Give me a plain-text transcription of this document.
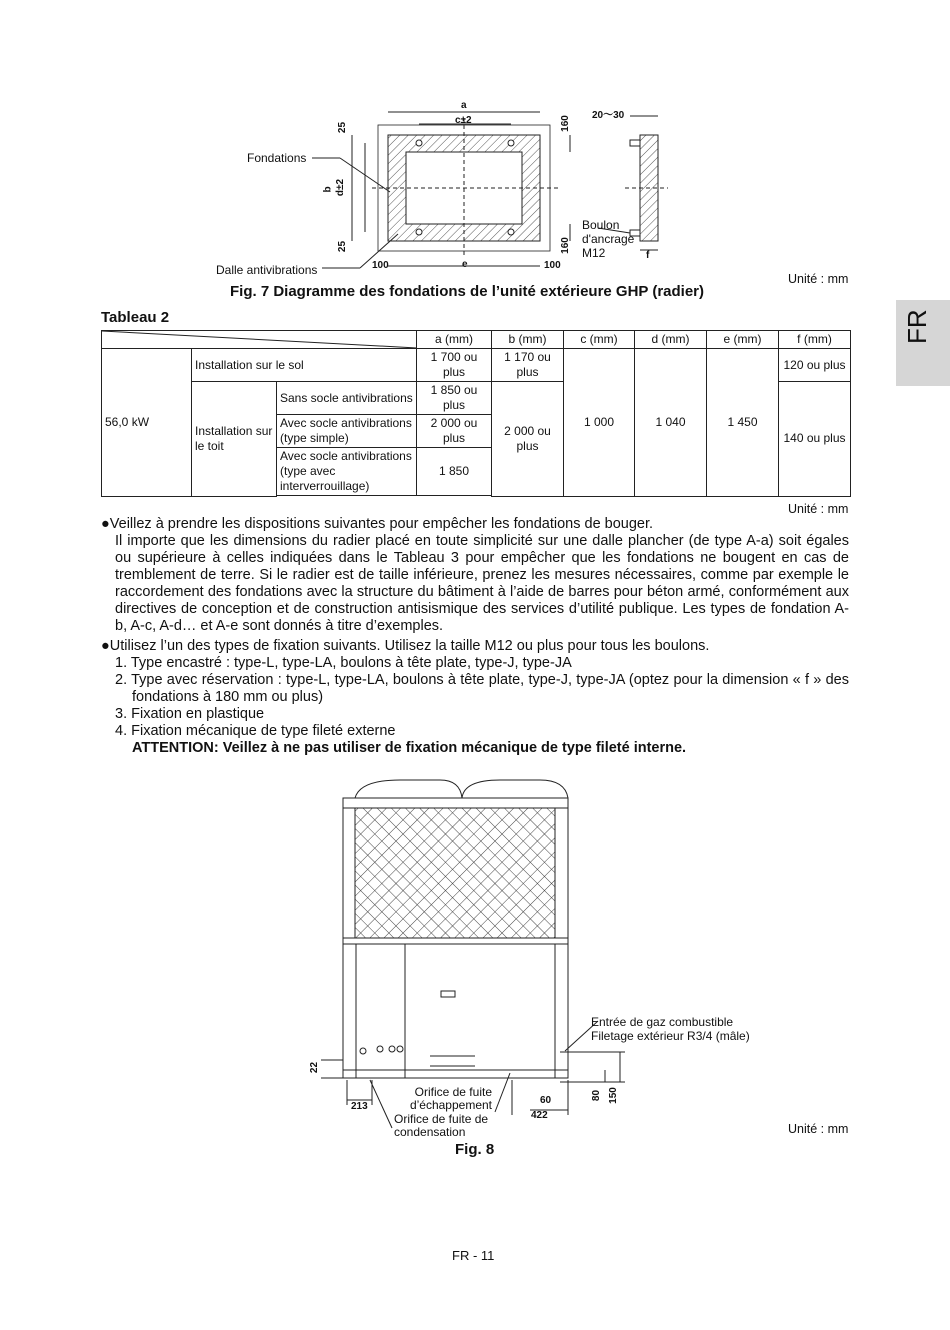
Fondations
Dalle antivibrations
a
c±2
b d±2
25
25
160
160
100	e	100
20～30
f
Boulon
d'ancrage
M12
Unité : mm
Fig. 7 Diagramme des fondations de l’unité extérieure GHP (radier)
Tableau 2	FR
	a (mm)	b (mm)	c (mm)	d (mm)	e (mm)	f (mm)
56,0 kW	Installation sur le sol		1 700 ou plus	1 170 ou plus	1 000	1 040	1 450	120 ou plus
	Installation sur le toit	Sans socle antivibrations	1 850 ou plus	2 000 ou plus				140 ou plus
		Avec socle antivibrations (type simple)	2 000 ou plus					
		Avec socle antivibrations (type avec interverrouillage)	1 850					

Unité : mm

●Veillez à prendre les dispositions suivantes pour empêcher les fondations de bouger.

Il importe que les dimensions du radier placé en toute simplicité sur une dalle plancher (de type A-a) soit égales ou supérieure à celles indiquées dans le Tableau 3 pour empêcher que les fondations ne bougent en cas de tremblement de terre. Si le radier est de taille inférieure, prenez les mesures nécessaires, comme par exemple le raccordement des fondations avec la structure du bâtiment à l’aide de barres pour béton armé, conformément aux directives de conception et de construction antisismique des services d’utilité publique. Les types de fondation A-b, A-c, A-d… et A-e sont donnés à titre d’exemples.

●Utilisez l’un des types de fixation suivants. Utilisez la taille M12 ou plus pour tous les boulons.

1. Type encastré : type-L, type-LA, boulons à tête plate, type-J, type-JA

2. Type avec réservation : type-L, type-LA, boulons à tête plate, type-J, type-JA (optez pour la dimension « f » des fondations à 180 mm ou plus)

3. Fixation en plastique

4. Fixation mécanique de type fileté externe

ATTENTION: Veillez à ne pas utiliser de fixation mécanique de type fileté interne.

22
213
60
422
80 150
Entrée de gaz combustible
Filetage extérieur R3/4 (mâle)
Orifice de fuite
d’échappement
Orifice de fuite de
condensation	Unité : mm
Fig. 8
FR - 11
